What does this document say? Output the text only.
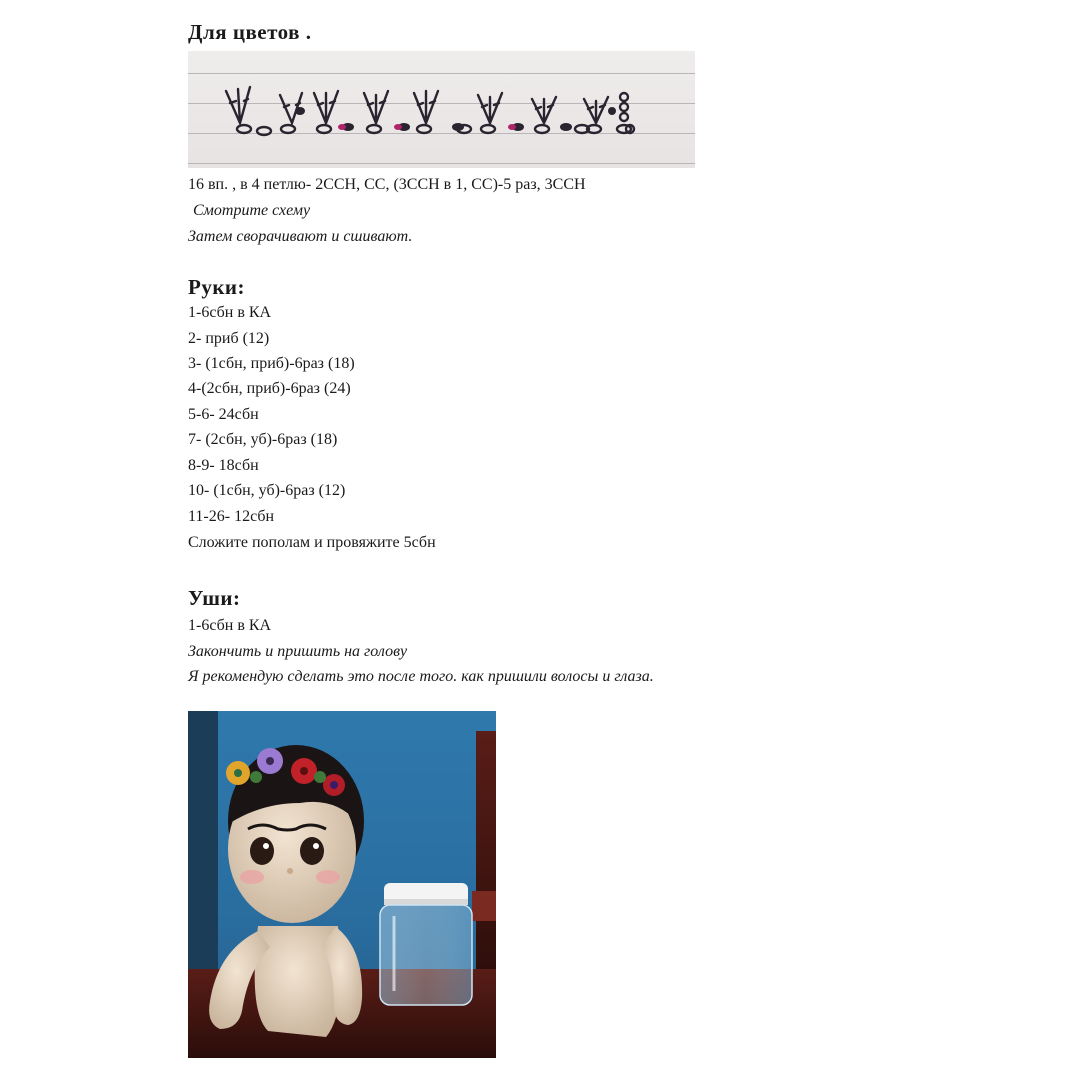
Для цветов .
16 вп. , в 4 петлю- 2ССН, СС, (3ССН в 1, СС)-5 раз, 3ССН
Смотрите схему
Затем сворачивают и сшивают.
Руки:
1-6сбн в КА
2- приб (12)
3- (1сбн, приб)-6раз (18)
4-(2сбн, приб)-6раз (24)
5-6- 24сбн
7- (2сбн, уб)-6раз (18)
8-9- 18сбн
10- (1сбн, уб)-6раз (12)
11-26- 12сбн
Сложите пополам и провяжите 5сбн
Уши:
1-6сбн в КА
Закончить и пришить на голову
Я рекомендую сделать это после того. как пришили волосы и глаза.
